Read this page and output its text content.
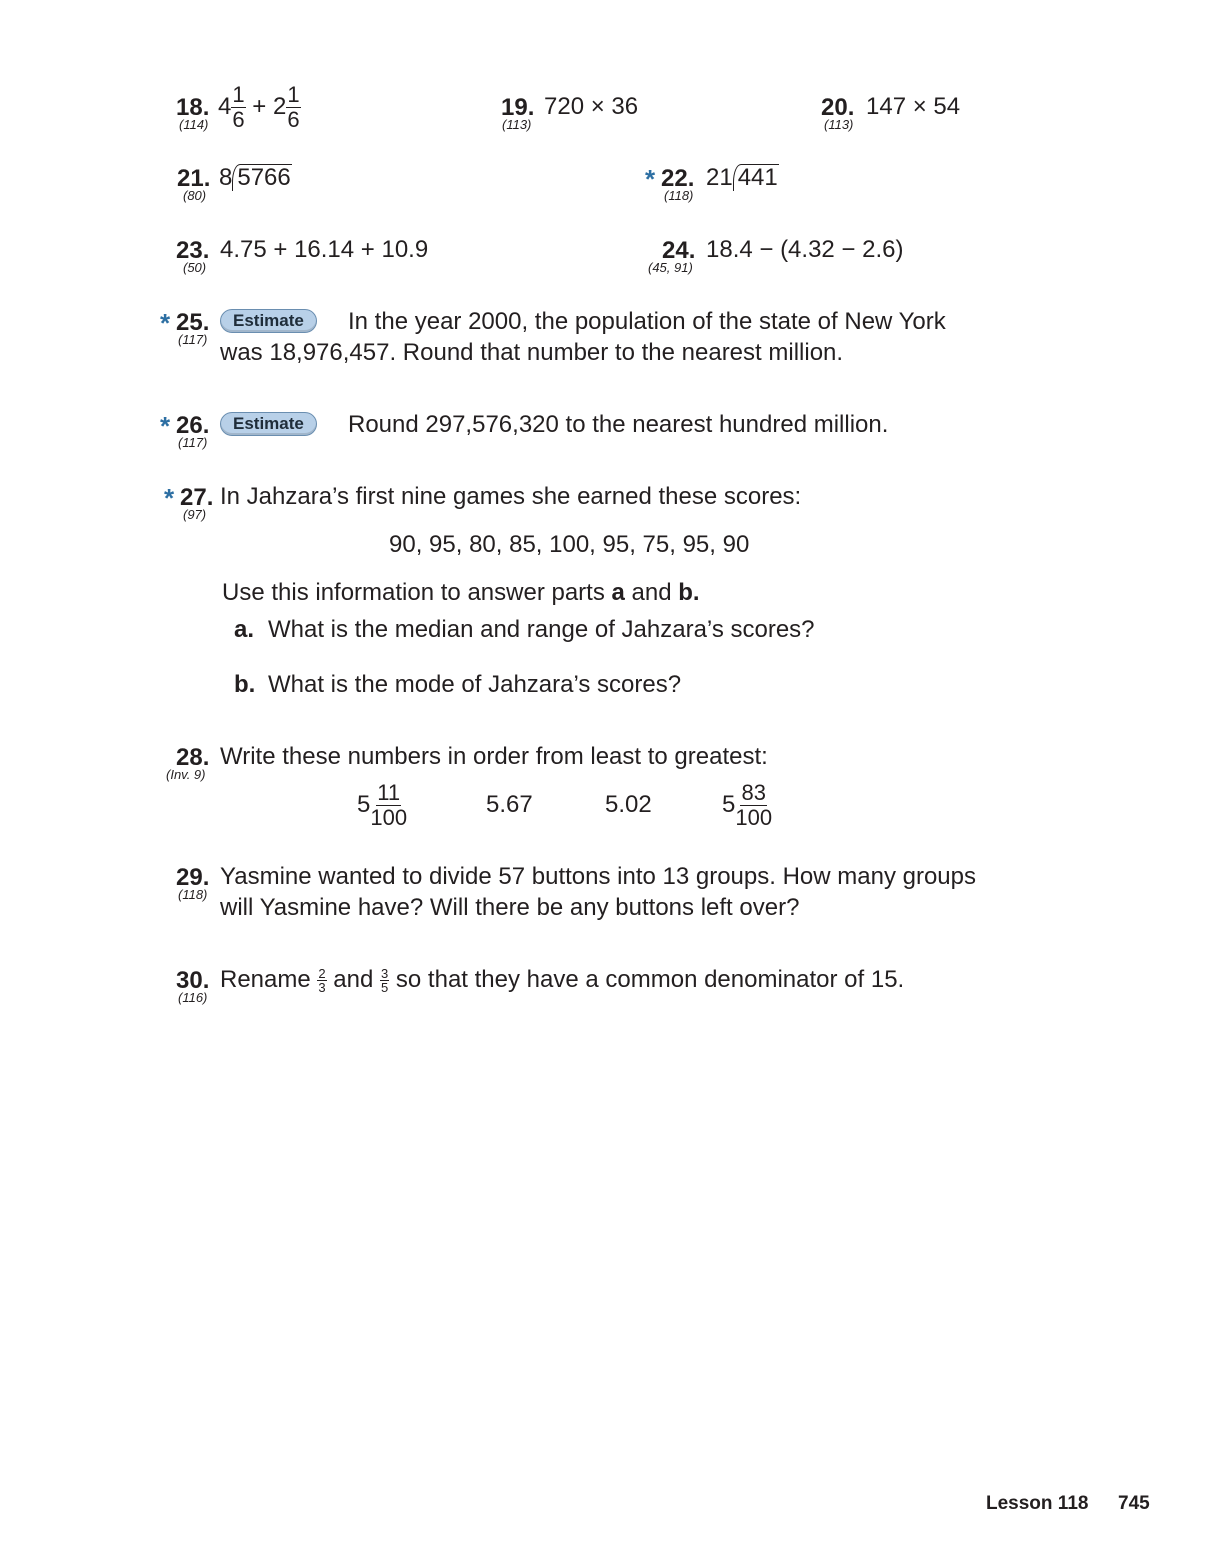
18.
(114)
$4 \frac{1}{6} + 2 \frac{1}{6}$	19.
(113)
720 × 36	20.
(113)
147 × 54
21.
(80)
8 5766	* 22.
(118)
21 441
23.
(50)
4.75 + 16.14 + 10.9	24.
(45, 91)
18.4 − (4.32 − 2.6)
* 25.
(117)
Estimate	In the year 2000, the population of the state of New York
was 18,976,457. Round that number to the nearest million.
* 26.
(117)
Estimate	Round 297,576,320 to the nearest hundred million.
* 27.
(97)
In Jahzara’s first nine games she earned these scores:
90, 95, 80, 85, 100, 95, 75, 95, 90
Use this information to answer parts a and b.
a. What is the median and range of Jahzara’s scores?
b. What is the mode of Jahzara’s scores?
28.
(Inv. 9)
Write these numbers in order from least to greatest:
$5 \frac{11}{100}$	5.67	5.02	$5 \frac{83}{100}$
29.
(118)
Yasmine wanted to divide 57 buttons into 13 groups. How many groups
will Yasmine have? Will there be any buttons left over?
30.
(116)
Rename $\frac{2}{3}$ and $\frac{3}{5}$ so that they have a common denominator of 15.
Lesson 118 745
